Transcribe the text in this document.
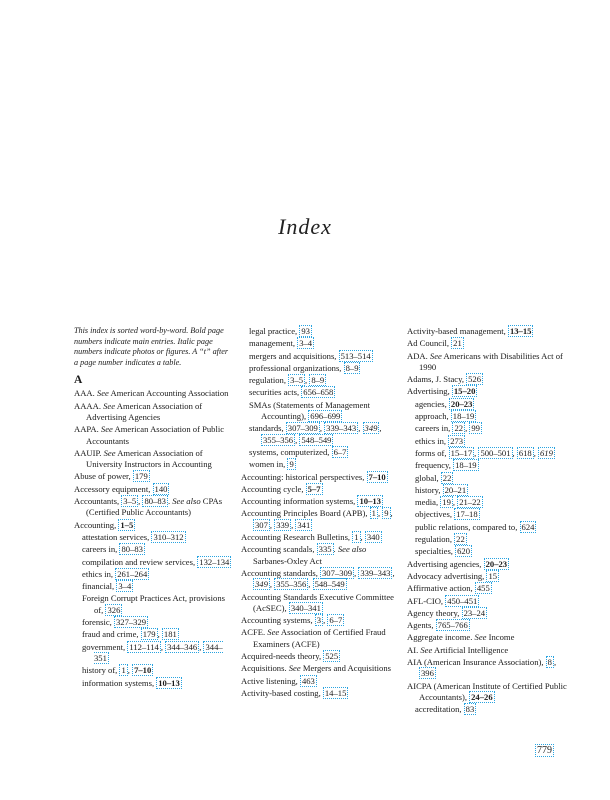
Index
This index is sorted word-by-word. Bold page numbers indicate main entries. Italic page numbers indicate photos or figures. A “t” after a page number indicates a table.
A
AAA. See American Accounting Association
AAAA. See American Association of Advertising Agencies
AAPA. See American Association of Public Accountants
AAUIP. See American Association of University Instructors in Accounting
Abuse of power, 179
Accessory equipment, 140
Accountants, 3–5 , 80–83 . See also CPAs (Certified Public Accountants)
Accounting, 1–5
attestation services, 310–312
careers in, 80–83
compilation and review services, 132–134
ethics in, 261–264
financial, 3–4
Foreign Corrupt Practices Act, provisions of, 326
forensic, 327–329
fraud and crime, 179 , 181
government, 112–114 , 344–346 , 344–351
history of, 1 , 7–10
information systems, 10–13
legal practice, 93
management, 3–4
mergers and acquisitions, 513–514
professional organizations, 8–9
regulation, 3–5 , 8–9
securities acts, 656–658
SMAs (Statements of Management Accounting), 696–699
standards, 307–309 , 339–343 , 349 , 355–356 , 548–549
systems, computerized, 6–7
women in, 9
Accounting: historical perspectives, 7–10
Accounting cycle, 5–7
Accounting information systems, 10–13
Accounting Principles Board (APB), 1 , 9 , 307 , 339 , 341
Accounting Research Bulletins, 1 , 340
Accounting scandals, 335 . See also Sarbanes-Oxley Act
Accounting standards, 307–309 , 339–343 , 349 , 355–356 , 548–549
Accounting Standards Executive Committee (AcSEC), 340–341
Accounting systems, 3 , 6–7
ACFE. See Association of Certified Fraud Examiners (ACFE)
Acquired-needs theory, 525
Acquisitions. See Mergers and Acquisitions
Active listening, 463
Activity-based costing, 14–15
Activity-based management, 13–15
Ad Council, 21
ADA. See Americans with Disabilities Act of 1990
Adams, J. Stacy, 526
Advertising, 15–20
agencies, 20–23
approach, 18–19
careers in, 22 , 99
ethics in, 273
forms of, 15–17 , 500–501 , 618 , 619
frequency, 18–19
global, 22
history, 20–21
media, 19 , 21–22
objectives, 17–18
public relations, compared to, 624
regulation, 22
specialties, 620
Advertising agencies, 20–23
Advocacy advertising, 15
Affirmative action, 455
AFL-CIO, 450–451
Agency theory, 23–24
Agents, 765–766
Aggregate income. See Income
AI. See Artificial Intelligence
AIA (American Insurance Association), 8 , 396
AICPA (American Institute of Certified Public Accountants), 24–26
accreditation, 83
779
